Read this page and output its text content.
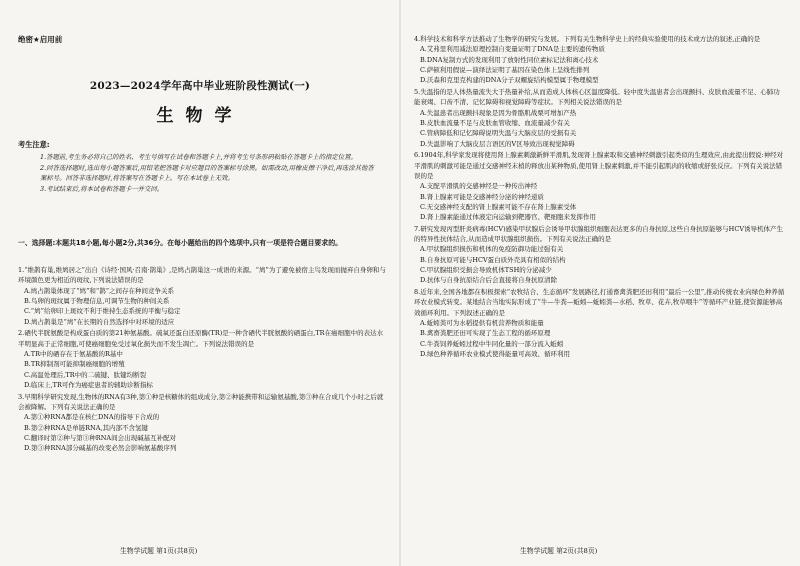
绝密★启用前
2023—2024学年高中毕业班阶段性测试(一)
生物学
考生注意:

1.答题前,考生务必将自己的姓名、考生号填写在试卷和答题卡上,并将考生号条形码粘贴在答题卡上的指定位置。

2.回答选择题时,选出每小题答案后,用铅笔把答题卡对应题目的答案标号涂黑。如需改动,用橡皮擦干净后,再选涂其他答案标号。回答非选择题时,将答案写在答题卡上。写在本试卷上无效。

3.考试结束后,将本试卷和答题卡一并交回。

一、选择题:本题共18小题,每小题2分,共36分。在每小题给出的四个选项中,只有一项是符合题目要求的。

1.“维鹊有巢,维鸠居之”出自《诗经·国风·召南·鹊巢》,是鸠占鹊巢这一成语的来源。“鸠”为了避免被宿主鸟发现而抛弃自身卵和与环境颜色更为相近的斑纹,下列说法错误的是

A.鸠占鹊巢体现了“鸠”和“鹊”之间存在种间竞争关系

B.鸟卵的斑纹属于物理信息,可调节生物的种间关系

C.“鸠”给卵印上斑纹不利于维持生态系统的平衡与稳定

D.鸠占鹊巢是“鸠”在长期的自然选择中对环境的适应

2.硒代半胱氨酸是构成蛋白质的第21种氨基酸。硫氧还蛋白还原酶(TR)是一种含硒代半胱氨酸的硒蛋白,TR在癌细胞中的表达水平明显高于正常细胞,可使癌细胞免受过氧化损失而不发生凋亡。下列说法错误的是

A.TR中的硒存在于氨基酸的R基中

B.TR抑制剂可能抑制癌细胞的增殖

C.高温处理后,TR中的二硫键、肽键均断裂

D.临床上,TR可作为癌症患者的辅助诊断指标

3.早期科学研究发现,生物体的RNA有3种,第①种是核糖体的组成成分,第②种能携带和运输氨基酸,第③种在合成几个小时之后就会被降解。下列有关说法正确的是

A.第①种RNA都是在核仁DNA的指导下合成的

B.第②种RNA是单链RNA,其内部不含氢键

C.翻译时第②种与第③种RNA间会出现碱基互补配对

D.第③种RNA部分碱基的改变必然会影响氨基酸序列

4.科学技术和科学方法推动了生物学的研究与发展。下列有关生物科学史上的经典实验使用的技术或方法的叙述,正确的是

A.艾弗里利用减法原理控制自变量证明了DNA是主要的遗传物质

B.DNA复制方式的发现利用了放射性同位素标记法和离心技术

C.萨顿利用假说—演绎法证明了基因在染色体上呈线性排列

D.沃森和克里克构建的DNA分子双螺旋结构模型属于物理模型

5.失温指的是人体热量流失大于热量补给,从而造成人体核心区温度降低。轻中度失温患者会出现颤抖、皮肤血流量不足、心肺功能衰竭、口齿不清、记忆障碍和视觉障碍等症状。下列相关说法错误的是

A.失温患者出现颤抖现象是因为骨骼肌战栗可增加产热

B.皮肤血流量不足与皮肤血管收缩、血流量减少有关

C.管病障低和记忆障碍说明失温与大脑皮层的受损有关

D.失温影响了大脑皮层言语区的V区导致出现视觉障碍

6.1904年,科学家发现将使用肾上腺素刺激新鲜平滑肌,发现肾上腺素取和交感神经刺激引起类似的生理效应,由此提出假说:神经对平滑肌的刺激可能是通过交感神经末梢的释放出某种物质,使用肾上腺素刺激,并不能引起肌肉的收缩或舒张反应。下列有关说法错误的是

A.支配平滑肌的交感神经是一种传出神经

B.肾上腺素可能是交感神经分泌的神经递质

C.无交感神经支配的肾上腺素可能不存在肾上腺素受体

D.肾上腺素能通过体液定向运输到靶器官、靶细胞来发挥作用

7.研究发现丙型肝炎病毒(HCV)感染甲状腺后会诱导甲状腺组织细胞表达更多的自身抗原,这些自身抗原能够与HCV诱导机体产生的特异性抗体结合,从而造成甲状腺组织损伤。下列有关说法正确的是

A.甲状腺组织损伤和机体的免疫防御功能过强有关

B.自身抗原可能与HCV蛋白质外壳具有相似的结构

C.甲状腺组织受损会导致机体TSH的分泌减少

D.抗体与自身抗原结合后会直接将自身抗原清除

8.近年来,全国各地都在积极探索“农牧结合、生态循环”发展路径,打通畜禽粪肥还田利用“最后一公里”,推动传统农业向绿色种养循环农业模式转变。某地结合当地实际形成了“牛—牛粪—蚯蚓—蚯蚓粪—水稻、牧草、花卉,牧草喂牛”等循环产业链,使资源能够高效循环利用。下列叙述正确的是

A.蚯蚓粪可为水稻提供有机营养物质和能量

B.禽畜粪肥还田可实现了生态工程的循环原理

C.牛粪饲养蚯蚓过程中牛同化量的一部分流入蚯蚓

D.绿色种养循环农业模式使得能量可高效、循环利用

生物学试题 第1页(共8页)	生物学试题 第2页(共8页)
